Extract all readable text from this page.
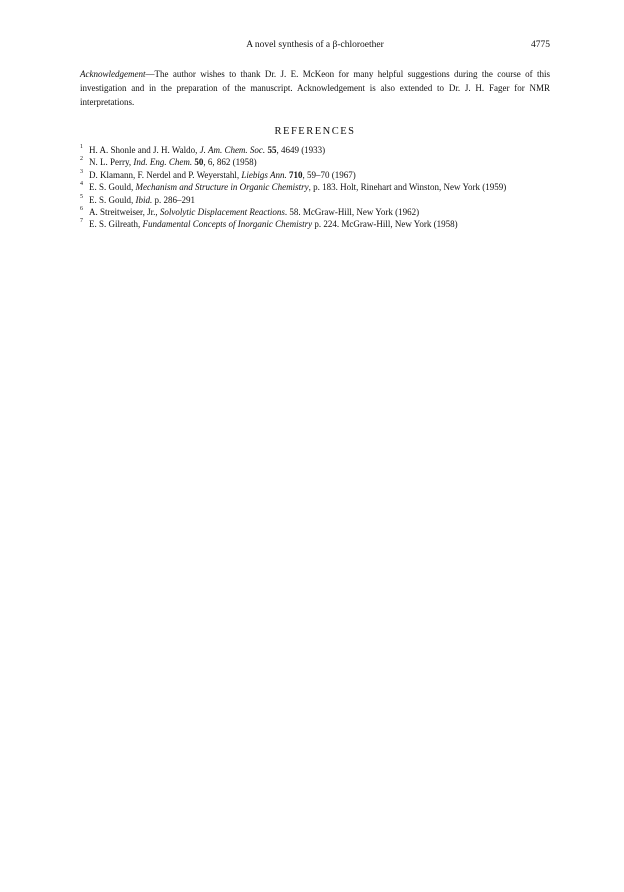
A novel synthesis of a β-chloroether	4775

Acknowledgement—The author wishes to thank Dr. J. E. McKeon for many helpful suggestions during the course of this investigation and in the preparation of the manuscript. Acknowledgement is also extended to Dr. J. H. Fager for NMR interpretations.

REFERENCES
1 H. A. Shonle and J. H. Waldo, J. Am. Chem. Soc. 55, 4649 (1933)
2 N. L. Perry, Ind. Eng. Chem. 50, 6, 862 (1958)
3 D. Klamann, F. Nerdel and P. Weyerstahl, Liebigs Ann. 710, 59–70 (1967)
4 E. S. Gould, Mechanism and Structure in Organic Chemistry, p. 183. Holt, Rinehart and Winston, New York (1959)
5 E. S. Gould, Ibid. p. 286–291
6 A. Streitweiser, Jr., Solvolytic Displacement Reactions. 58. McGraw-Hill, New York (1962)
7 E. S. Gilreath, Fundamental Concepts of Inorganic Chemistry p. 224. McGraw-Hill, New York (1958)
